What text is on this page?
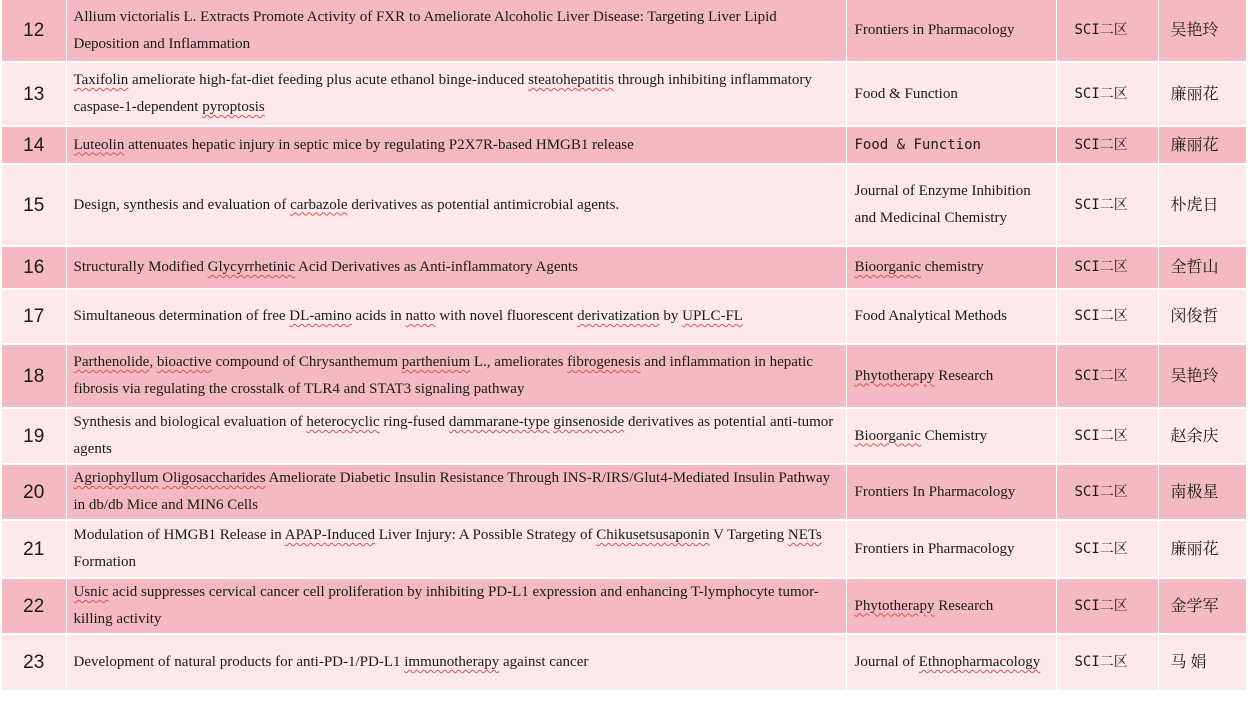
12	Allium victorialis L. Extracts Promote Activity of FXR to Ameliorate Alcoholic Liver Disease: Targeting Liver Lipid Deposition and Inflammation	Frontiers in Pharmacology	SCI二区	吴艳玲
13	Taxifolin ameliorate high-fat-diet feeding plus acute ethanol binge-induced steatohepatitis through inhibiting inflammatory caspase-1-dependent pyroptosis	Food & Function	SCI二区	廉丽花
14	Luteolin attenuates hepatic injury in septic mice by regulating P2X7R-based HMGB1 release	Food & Function	SCI二区	廉丽花
15	Design, synthesis and evaluation of carbazole derivatives as potential antimicrobial agents.	Journal of Enzyme Inhibition and Medicinal Chemistry	SCI二区	朴虎日
16	Structurally Modified Glycyrrhetinic Acid Derivatives as Anti-inflammatory Agents	Bioorganic chemistry	SCI二区	全哲山
17	Simultaneous determination of free DL-amino acids in natto with novel fluorescent derivatization by UPLC-FL	Food Analytical Methods	SCI二区	闵俊哲
18	Parthenolide, bioactive compound of Chrysanthemum parthenium L., ameliorates fibrogenesis and inflammation in hepatic fibrosis via regulating the crosstalk of TLR4 and STAT3 signaling pathway	Phytotherapy Research	SCI二区	吴艳玲
19	Synthesis and biological evaluation of heterocyclic ring-fused dammarane-type ginsenoside derivatives as potential anti-tumor agents	Bioorganic Chemistry	SCI二区	赵余庆
20	Agriophyllum Oligosaccharides Ameliorate Diabetic Insulin Resistance Through INS-R/IRS/Glut4-Mediated Insulin Pathway in db/db Mice and MIN6 Cells	Frontiers In Pharmacology	SCI二区	南极星
21	Modulation of HMGB1 Release in APAP-Induced Liver Injury: A Possible Strategy of Chikusetsusaponin V Targeting NETs Formation	Frontiers in Pharmacology	SCI二区	廉丽花
22	Usnic acid suppresses cervical cancer cell proliferation by inhibiting PD-L1 expression and enhancing T-lymphocyte tumor-killing activity	Phytotherapy Research	SCI二区	金学军
23	Development of natural products for anti-PD-1/PD-L1 immunotherapy against cancer	Journal of Ethnopharmacology	SCI二区	马 娟
